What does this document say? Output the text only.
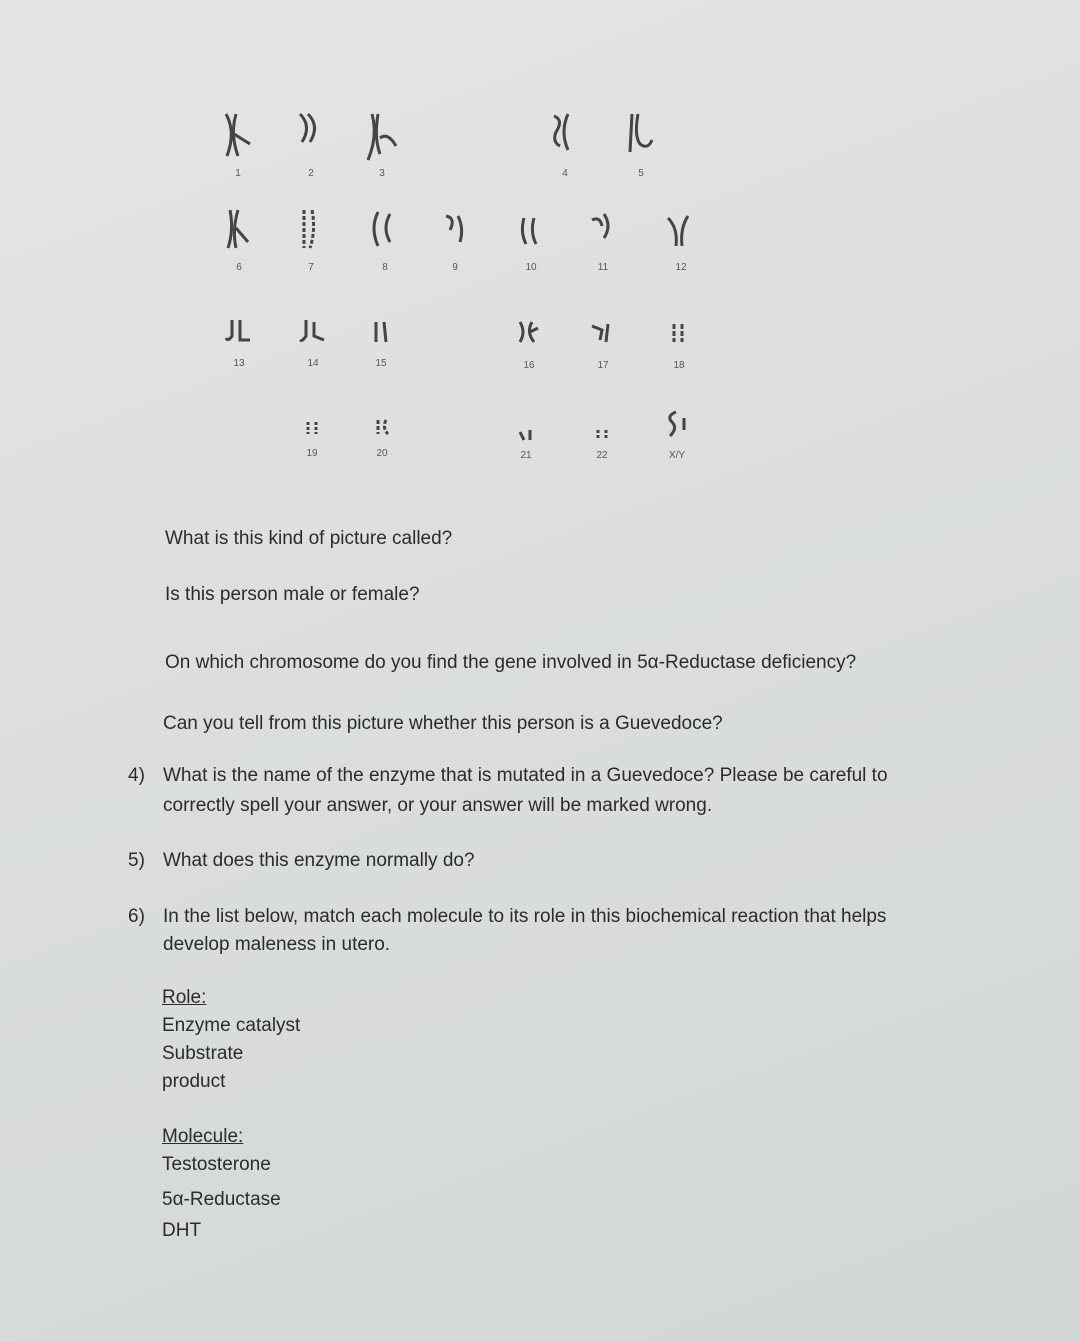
1	2	3	4	5
6	7	8	9	10	11	12
13	14	15	16	17	18
19	20	21	22	X/Y
What is this kind of picture called?
Is this person male or female?
On which chromosome do you find the gene involved in 5α-Reductase deficiency?
Can you tell from this picture whether this person is a Guevedoce?
4) What is the name of the enzyme that is mutated in a Guevedoce? Please be careful to
correctly spell your answer, or your answer will be marked wrong.
5) What does this enzyme normally do?
6) In the list below, match each molecule to its role in this biochemical reaction that helps
develop maleness in utero.
Role:
Enzyme catalyst
Substrate
product
Molecule:
Testosterone
5α-Reductase
DHT
